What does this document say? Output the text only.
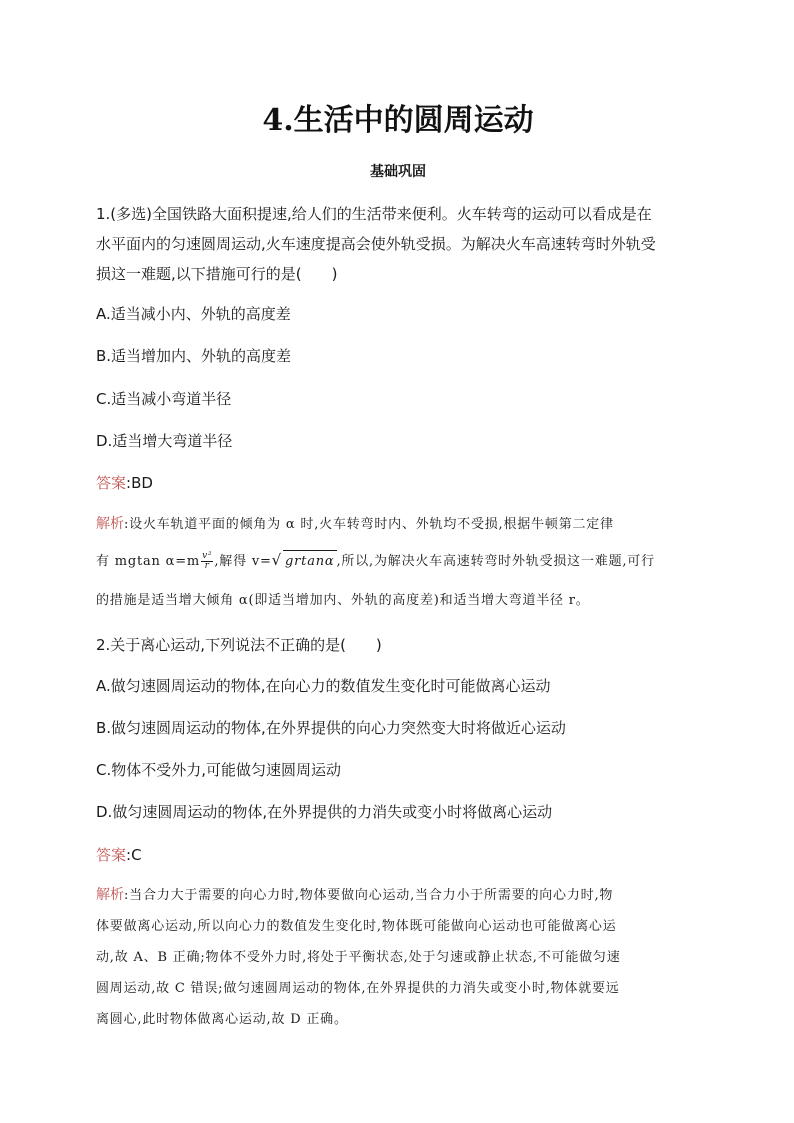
4.生活中的圆周运动
基础巩固
1.(多选)全国铁路大面积提速,给人们的生活带来便利。火车转弯的运动可以看成是在
水平面内的匀速圆周运动,火车速度提高会使外轨受损。为解决火车高速转弯时外轨受
损这一难题,以下措施可行的是(　　)
A.适当减小内、外轨的高度差
B.适当增加内、外轨的高度差
C.适当减小弯道半径
D.适当增大弯道半径
答案:BD
解析:设火车轨道平面的倾角为 α 时,火车转弯时内、外轨均不受损,根据牛顿第二定律
有 mgtan $\alpha=m \frac{\text{v²}}{r}$ ,解得 v=√ grtanα ,所以,为解决火车高速转弯时外轨受损这一难题,可行
的措施是适当增大倾角 α(即适当增加内、外轨的高度差)和适当增大弯道半径 r。
2.关于离心运动,下列说法不正确的是(　　)
A.做匀速圆周运动的物体,在向心力的数值发生变化时可能做离心运动
B.做匀速圆周运动的物体,在外界提供的向心力突然变大时将做近心运动
C.物体不受外力,可能做匀速圆周运动
D.做匀速圆周运动的物体,在外界提供的力消失或变小时将做离心运动
答案:C
解析:当合力大于需要的向心力时,物体要做向心运动,当合力小于所需要的向心力时,物
体要做离心运动,所以向心力的数值发生变化时,物体既可能做向心运动也可能做离心运
动,故 A、B 正确;物体不受外力时,将处于平衡状态,处于匀速或静止状态,不可能做匀速
圆周运动,故 C 错误;做匀速圆周运动的物体,在外界提供的力消失或变小时,物体就要远
离圆心,此时物体做离心运动,故 D 正确。
